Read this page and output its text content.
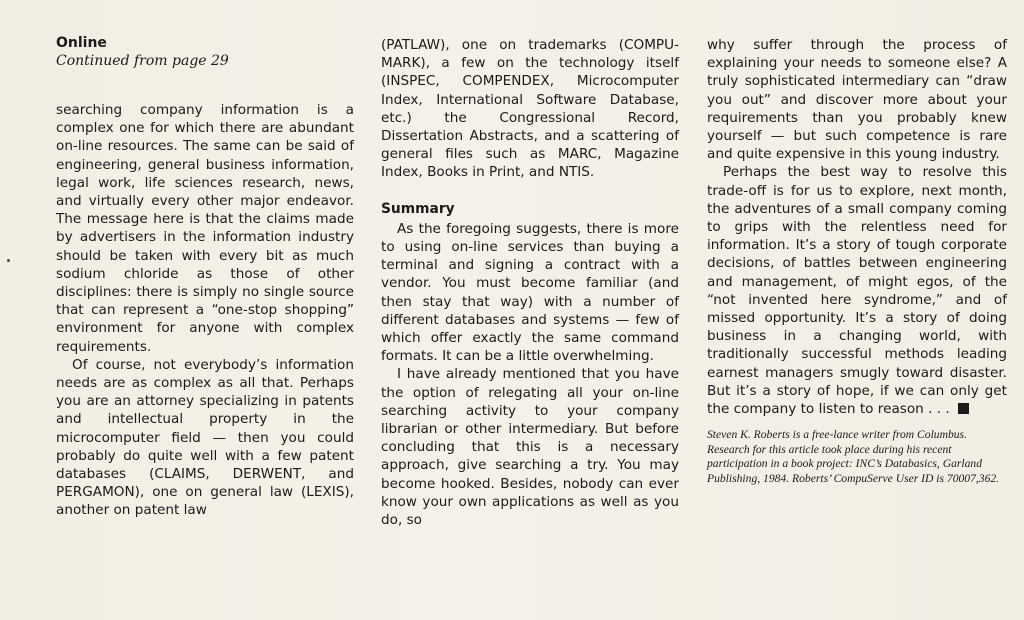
Online
Continued from page 29

searching company information is a complex one for which there are abundant on-line resources. The same can be said of engineering, general business information, legal work, life sciences research, news, and virtually every other major endeavor. The message here is that the claims made by advertisers in the information industry should be taken with every bit as much sodium chloride as those of other disciplines: there is simply no single source that can represent a “one-stop shopping” environment for anyone with complex requirements.

Of course, not everybody’s information needs are as complex as all that. Perhaps you are an attorney specializing in patents and intellectual property in the microcomputer field — then you could probably do quite well with a few patent databases (CLAIMS, DERWENT, and PERGAMON), one on general law (LEXIS), another on patent law

(PATLAW), one on trademarks (COMPU-MARK), a few on the technology itself (INSPEC, COMPENDEX, Microcomputer Index, International Software Database, etc.) the Congressional Record, Dissertation Abstracts, and a scattering of general files such as MARC, Magazine Index, Books in Print, and NTIS.

Summary

As the foregoing suggests, there is more to using on-line services than buying a terminal and signing a contract with a vendor. You must become familiar (and then stay that way) with a number of different databases and systems — few of which offer exactly the same command formats. It can be a little overwhelming.

I have already mentioned that you have the option of relegating all your on-line searching activity to your company librarian or other intermediary. But before concluding that this is a necessary approach, give searching a try. You may become hooked. Besides, nobody can ever know your own applications as well as you do, so

why suffer through the process of explaining your needs to someone else? A truly sophisticated intermediary can “draw you out” and discover more about your requirements than you probably knew yourself — but such competence is rare and quite expensive in this young industry.

Perhaps the best way to resolve this trade-off is for us to explore, next month, the adventures of a small company coming to grips with the relentless need for information. It’s a story of tough corporate decisions, of battles between engineering and management, of might egos, of the “not invented here syndrome,” and of missed opportunity. It’s a story of doing business in a changing world, with traditionally successful methods leading earnest managers smugly toward disaster. But it’s a story of hope, if we can only get the company to listen to reason . . .

Steven K. Roberts is a free-lance writer from Columbus. Research for this article took place during his recent participation in a book project: INC’s Databasics, Garland Publishing, 1984. Roberts’ CompuServe User ID is 70007,362.
